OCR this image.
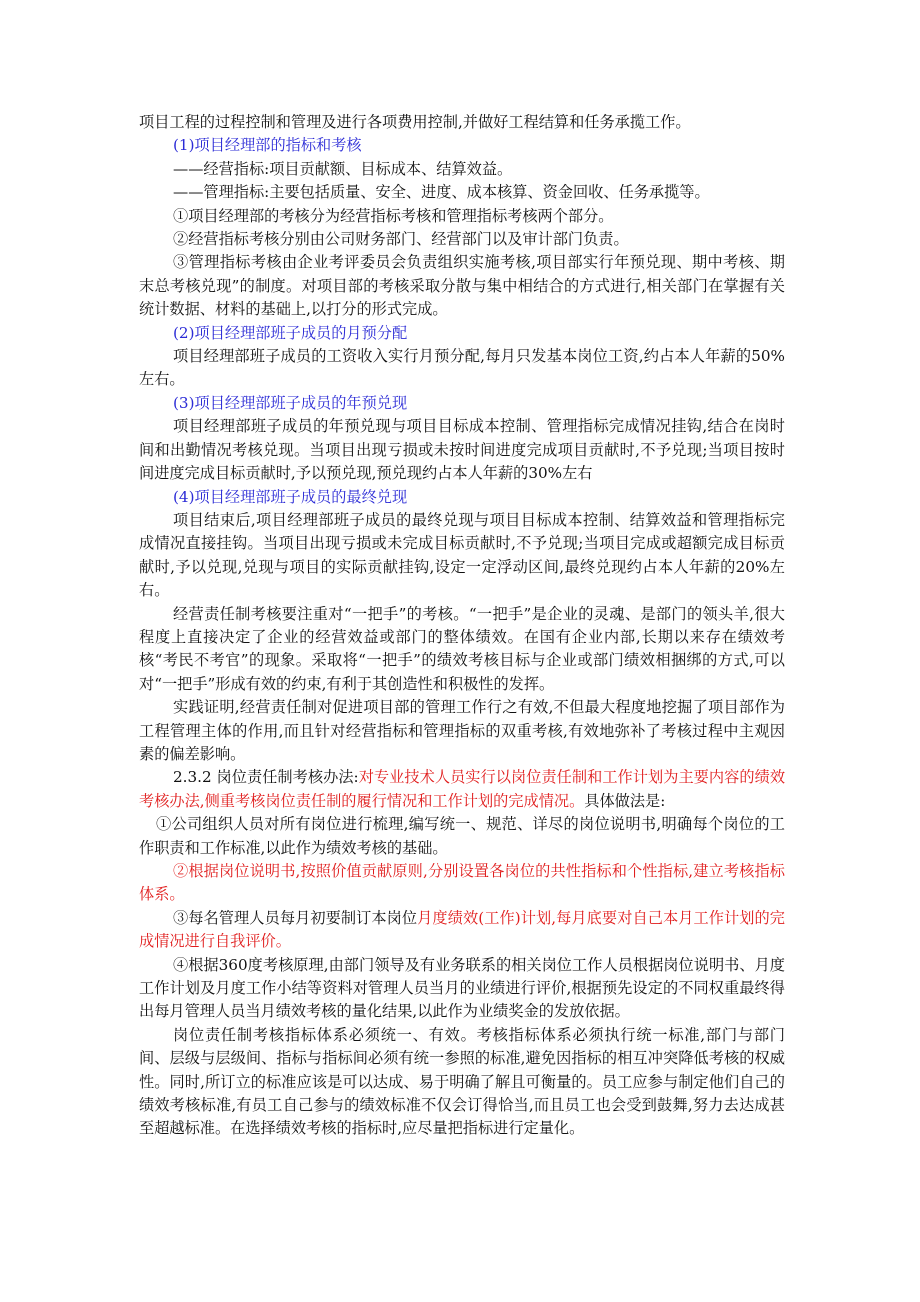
项目工程的过程控制和管理及进行各项费用控制,并做好工程结算和任务承揽工作。

(1)项目经理部的指标和考核

——经营指标:项目贡献额、目标成本、结算效益。

——管理指标:主要包括质量、安全、进度、成本核算、资金回收、任务承揽等。

①项目经理部的考核分为经营指标考核和管理指标考核两个部分。

②经营指标考核分别由公司财务部门、经营部门以及审计部门负责。

③管理指标考核由企业考评委员会负责组织实施考核,项目部实行年预兑现、期中考核、期末总考核兑现”的制度。对项目部的考核采取分散与集中相结合的方式进行,相关部门在掌握有关统计数据、材料的基础上,以打分的形式完成。

(2)项目经理部班子成员的月预分配

项目经理部班子成员的工资收入实行月预分配,每月只发基本岗位工资,约占本人年薪的50%左右。

(3)项目经理部班子成员的年预兑现

项目经理部班子成员的年预兑现与项目目标成本控制、管理指标完成情况挂钩,结合在岗时间和出勤情况考核兑现。当项目出现亏损或未按时间进度完成项目贡献时,不予兑现;当项目按时间进度完成目标贡献时,予以预兑现,预兑现约占本人年薪的30%左右

(4)项目经理部班子成员的最终兑现

项目结束后,项目经理部班子成员的最终兑现与项目目标成本控制、结算效益和管理指标完成情况直接挂钩。当项目出现亏损或未完成目标贡献时,不予兑现;当项目完成或超额完成目标贡献时,予以兑现,兑现与项目的实际贡献挂钩,设定一定浮动区间,最终兑现约占本人年薪的20%左右。

经营责任制考核要注重对“一把手”的考核。“一把手”是企业的灵魂、是部门的领头羊,很大程度上直接决定了企业的经营效益或部门的整体绩效。在国有企业内部,长期以来存在绩效考核“考民不考官”的现象。采取将“一把手”的绩效考核目标与企业或部门绩效相捆绑的方式,可以对“一把手”形成有效的约束,有利于其创造性和积极性的发挥。

实践证明,经营责任制对促进项目部的管理工作行之有效,不但最大程度地挖掘了项目部作为工程管理主体的作用,而且针对经营指标和管理指标的双重考核,有效地弥补了考核过程中主观因素的偏差影响。

2.3.2 岗位责任制考核办法:对专业技术人员实行以岗位责任制和工作计划为主要内容的绩效考核办法,侧重考核岗位责任制的履行情况和工作计划的完成情况。具体做法是:

①公司组织人员对所有岗位进行梳理,编写统一、规范、详尽的岗位说明书,明确每个岗位的工作职责和工作标准,以此作为绩效考核的基础。

②根据岗位说明书,按照价值贡献原则,分别设置各岗位的共性指标和个性指标,建立考核指标体系。

③每名管理人员每月初要制订本岗位月度绩效(工作)计划,每月底要对自己本月工作计划的完成情况进行自我评价。

④根据360度考核原理,由部门领导及有业务联系的相关岗位工作人员根据岗位说明书、月度工作计划及月度工作小结等资料对管理人员当月的业绩进行评价,根据预先设定的不同权重最终得出每月管理人员当月绩效考核的量化结果,以此作为业绩奖金的发放依据。

岗位责任制考核指标体系必须统一、有效。考核指标体系必须执行统一标准,部门与部门间、层级与层级间、指标与指标间必须有统一参照的标准,避免因指标的相互冲突降低考核的权威性。同时,所订立的标准应该是可以达成、易于明确了解且可衡量的。员工应参与制定他们自己的绩效考核标准,有员工自己参与的绩效标准不仅会订得恰当,而且员工也会受到鼓舞,努力去达成甚至超越标准。在选择绩效考核的指标时,应尽量把指标进行定量化。
